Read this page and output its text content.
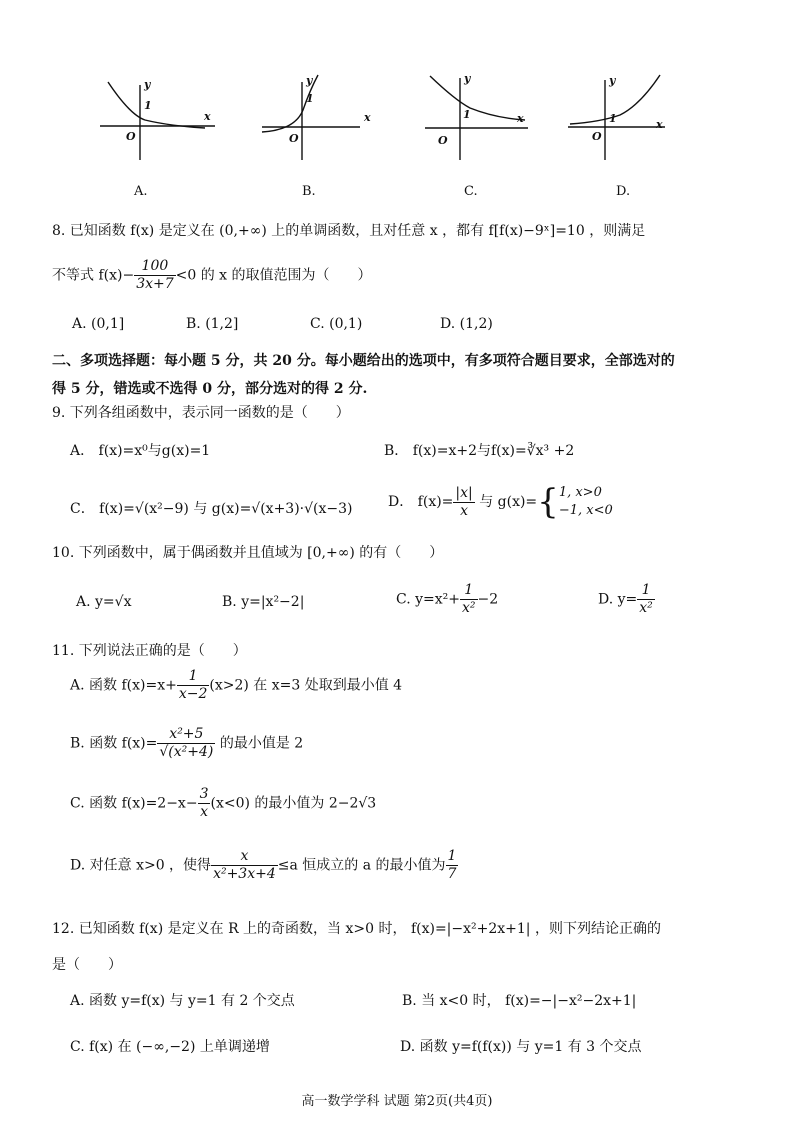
y
x
O
1
y
x
O
1
y
x
O
1
y
x
O
1
A.	B.	C.	D.
8. 已知函数 f(x) 是定义在 (0,+∞) 上的单调函数，且对任意 x ，都有 f[f(x)−9ˣ]=10 ，则满足
不等式 $f(x)- \frac{100}{3x+7} <0$ 的 x 的取值范围为（　　）
A. (0,1]	B. (1,2]	C. (0,1)	D. (1,2)
二、多项选择题：每小题 5 分，共 20 分。每小题给出的选项中，有多项符合题目要求，全部选对的
得 5 分，错选或不选得 0 分，部分选对的得 2 分.
9. 下列各组函数中，表示同一函数的是（　　）
A． f(x)=x⁰与g(x)=1	B． f(x)=x+2与f(x)=∛x³ +2
C． f(x)=√(x²−9) 与 g(x)=√(x+3)·√(x−3)	D． $f(x)= \frac{|x|}{x}$ 与 g(x)={ 1, x>0
−1, x<0
10. 下列函数中，属于偶函数并且值域为 [0,+∞) 的有（　　）
A. y=√x	B. y=|x²−2|	C. $y=x^2+ \frac{1}{\text{x²}} -2$	D. $y= \frac{1}{\text{x²}}$
11. 下列说法正确的是（　　）
A. 函数 $f(x)=x+ \frac{1}{x-2} (x>2)$ 在 x=3 处取到最小值 4
B. 函数 $f(x)= \frac{\text{x²+5}}{\text{√(x²+4)}}$ 的最小值是 2
C. 函数 $f(x)=2-x- \frac{3}{x} (x<0)$ 的最小值为 2−2√3
D. 对任意 x>0 ，使得 $\frac{x}{\text{x²+3x+4}} \le a$ 恒成立的 a 的最小值为 $\frac{1}{7}$
12. 已知函数 f(x) 是定义在 R 上的奇函数，当 x>0 时， f(x)=|−x²+2x+1| ，则下列结论正确的
是（　　）
A. 函数 y=f(x) 与 y=1 有 2 个交点	B. 当 x<0 时， f(x)=−|−x²−2x+1|
C. f(x) 在 (−∞,−2) 上单调递增	D. 函数 y=f(f(x)) 与 y=1 有 3 个交点
高一数学学科 试题 第2页(共4页)
